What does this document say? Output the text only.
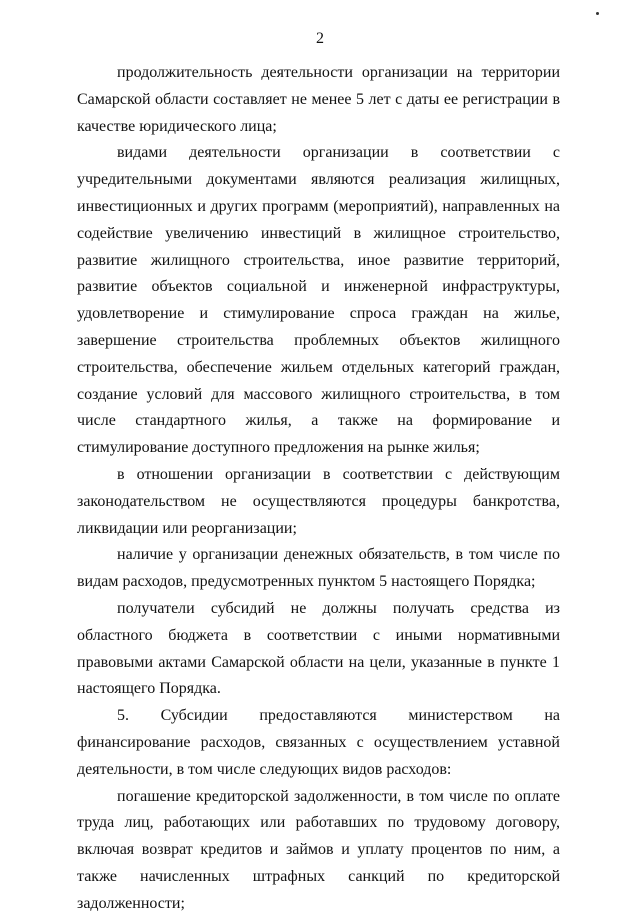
2

продолжительность деятельности организации на территории Самарской области составляет не менее 5 лет с даты ее регистрации в качестве юридического лица;

видами деятельности организации в соответствии с учредительными документами являются реализация жилищных, инвестиционных и других программ (мероприятий), направленных на содействие увеличению инвестиций в жилищное строительство, развитие жилищного строительства, иное развитие территорий, развитие объектов социальной и инженерной инфраструктуры, удовлетворение и стимулирование спроса граждан на жилье, завершение строительства проблемных объектов жилищного строительства, обеспечение жильем отдельных категорий граждан, создание условий для массового жилищного строительства, в том числе стандартного жилья, а также на формирование и стимулирование доступного предложения на рынке жилья;

в отношении организации в соответствии с действующим законодательством не осуществляются процедуры банкротства, ликвидации или реорганизации;

наличие у организации денежных обязательств, в том числе по видам расходов, предусмотренных пунктом 5 настоящего Порядка;

получатели субсидий не должны получать средства из областного бюджета в соответствии с иными нормативными правовыми актами Самарской области на цели, указанные в пункте 1 настоящего Порядка.

5. Субсидии предоставляются министерством на финансирование расходов, связанных с осуществлением уставной деятельности, в том числе следующих видов расходов:

погашение кредиторской задолженности, в том числе по оплате труда лиц, работающих или работавших по трудовому договору, включая возврат кредитов и займов и уплату процентов по ним, а также начисленных штрафных санкций по кредиторской задолженности;
